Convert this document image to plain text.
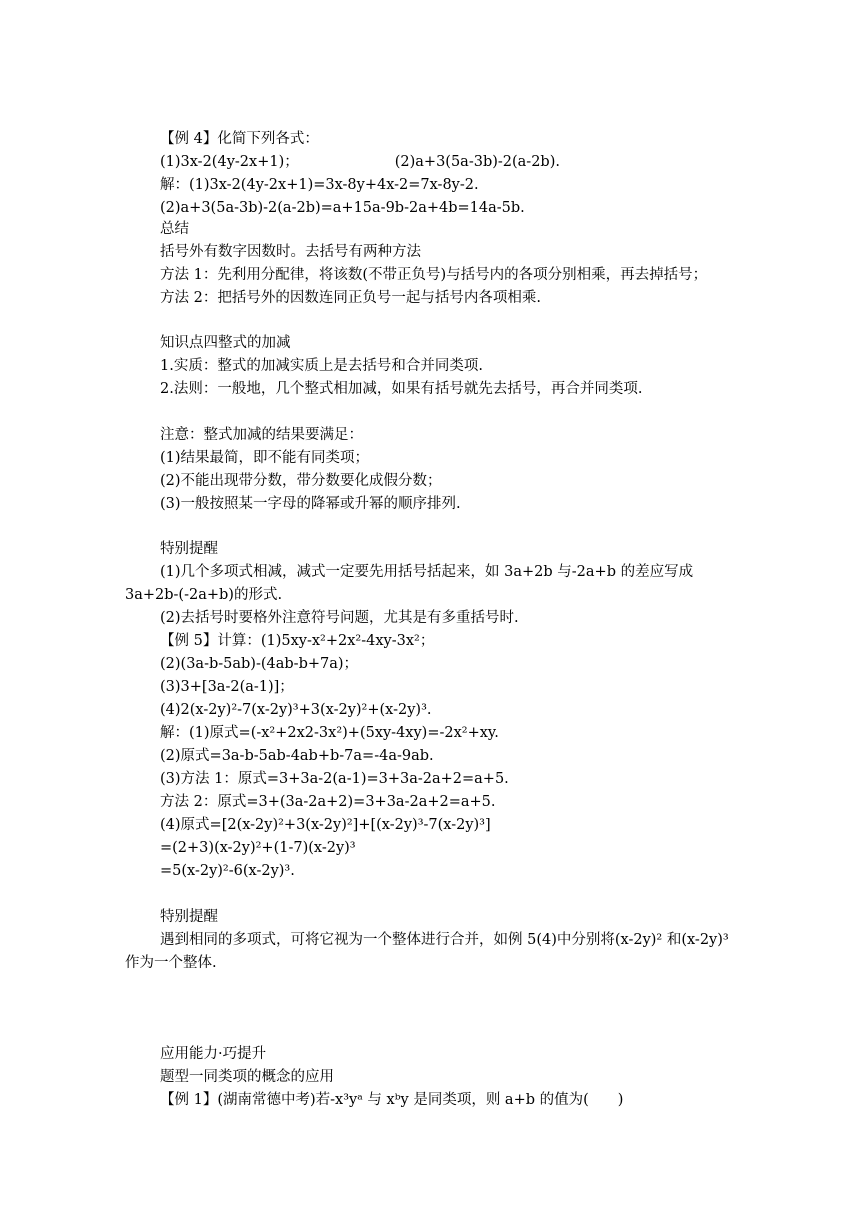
【例 4】化简下列各式：
(1)3x-2(4y-2x+1)；	(2)a+3(5a-3b)-2(a-2b).
解：(1)3x-2(4y-2x+1)=3x-8y+4x-2=7x-8y-2.
(2)a+3(5a-3b)-2(a-2b)=a+15a-9b-2a+4b=14a-5b.
总结
括号外有数字因数时。去括号有两种方法
方法 1：先利用分配律，将该数(不带正负号)与括号内的各项分别相乘，再去掉括号；
方法 2：把括号外的因数连同正负号一起与括号内各项相乘.
知识点四整式的加减
1.实质：整式的加减实质上是去括号和合并同类项.
2.法则：一般地，几个整式相加减，如果有括号就先去括号，再合并同类项.
注意：整式加减的结果要满足：
(1)结果最简，即不能有同类项；
(2)不能出现带分数，带分数要化成假分数；
(3)一般按照某一字母的降幂或升幂的顺序排列.
特别提醒
(1)几个多项式相减，减式一定要先用括号括起来，如 3a+2b 与-2a+b 的差应写成
3a+2b-(-2a+b)的形式.
(2)去括号时要格外注意符号问题，尤其是有多重括号时.
【例 5】计算：(1)5xy-x²+2x²-4xy-3x²；
(2)(3a-b-5ab)-(4ab-b+7a)；
(3)3+[3a-2(a-1)]；
(4)2(x-2y)²-7(x-2y)³+3(x-2y)²+(x-2y)³.
解：(1)原式=(-x²+2x2-3x²)+(5xy-4xy)=-2x²+xy.
(2)原式=3a-b-5ab-4ab+b-7a=-4a-9ab.
(3)方法 1：原式=3+3a-2(a-1)=3+3a-2a+2=a+5.
方法 2：原式=3+(3a-2a+2)=3+3a-2a+2=a+5.
(4)原式=[2(x-2y)²+3(x-2y)²]+[(x-2y)³-7(x-2y)³]
=(2+3)(x-2y)²+(1-7)(x-2y)³
=5(x-2y)²-6(x-2y)³.
特别提醒
遇到相同的多项式，可将它视为一个整体进行合并，如例 5(4)中分别将(x-2y)² 和(x-2y)³
作为一个整体.
应用能力·巧提升
题型一同类项的概念的应用
【例 1】(湖南常德中考)若-x³yᵃ 与 xᵇy 是同类项，则 a+b 的值为(　　)
